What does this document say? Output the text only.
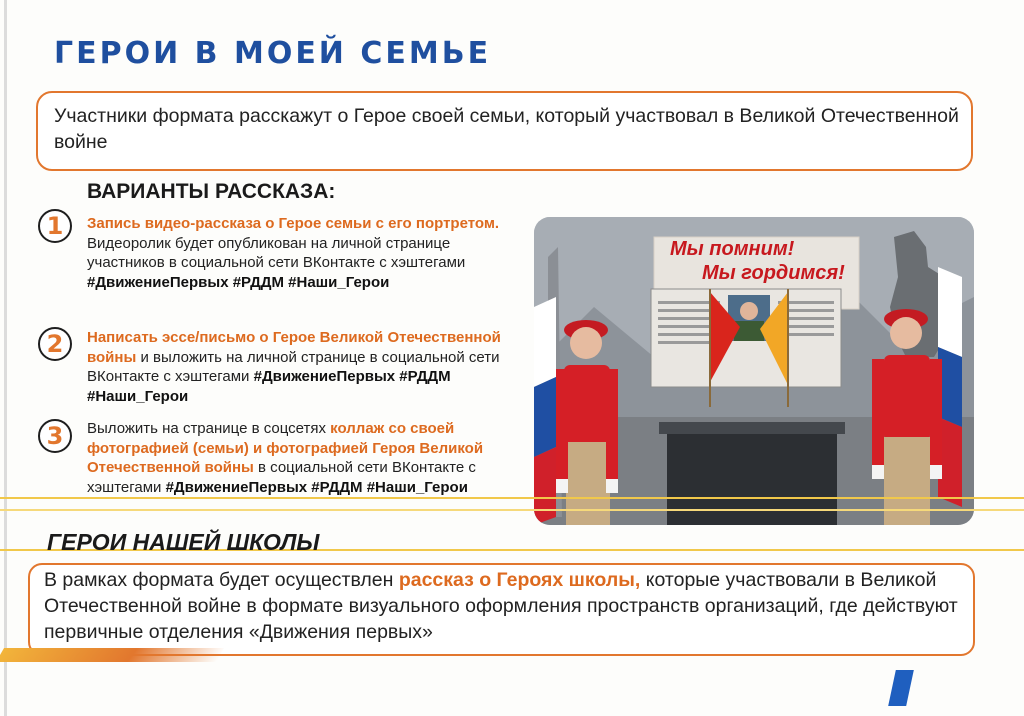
ГЕРОИ В МОЕЙ СЕМЬЕ

Участники формата расскажут о Герое своей семьи, который участвовал в Великой Отечественной войне

ВАРИАНТЫ РАССКАЗА:
1	Запись видео-рассказа о Герое семьи с его портретом. Видеоролик будет опубликован на личной странице участников в социальной сети ВКонтакте с хэштегами #ДвижениеПервых #РДДМ #Наши_Герои

2	Написать эссе/письмо о Герое Великой Отечественной войны и выложить на личной странице в социальной сети ВКонтакте с хэштегами #ДвижениеПервых #РДДМ #Наши_Герои

3	Выложить на странице в соцсетях коллаж со своей фотографией (семьи) и фотографией Героя Великой Отечественной войны в социальной сети ВКонтакте с хэштегами #ДвижениеПервых #РДДМ #Наши_Герои

Мы помним!
Мы гордимся!
ГЕРОИ НАШЕЙ ШКОЛЫ

В рамках формата будет осуществлен рассказ о Героях школы, которые участвовали в Великой Отечественной войне в формате визуального оформления пространств организаций, где действуют первичные отделения «Движения первых»
